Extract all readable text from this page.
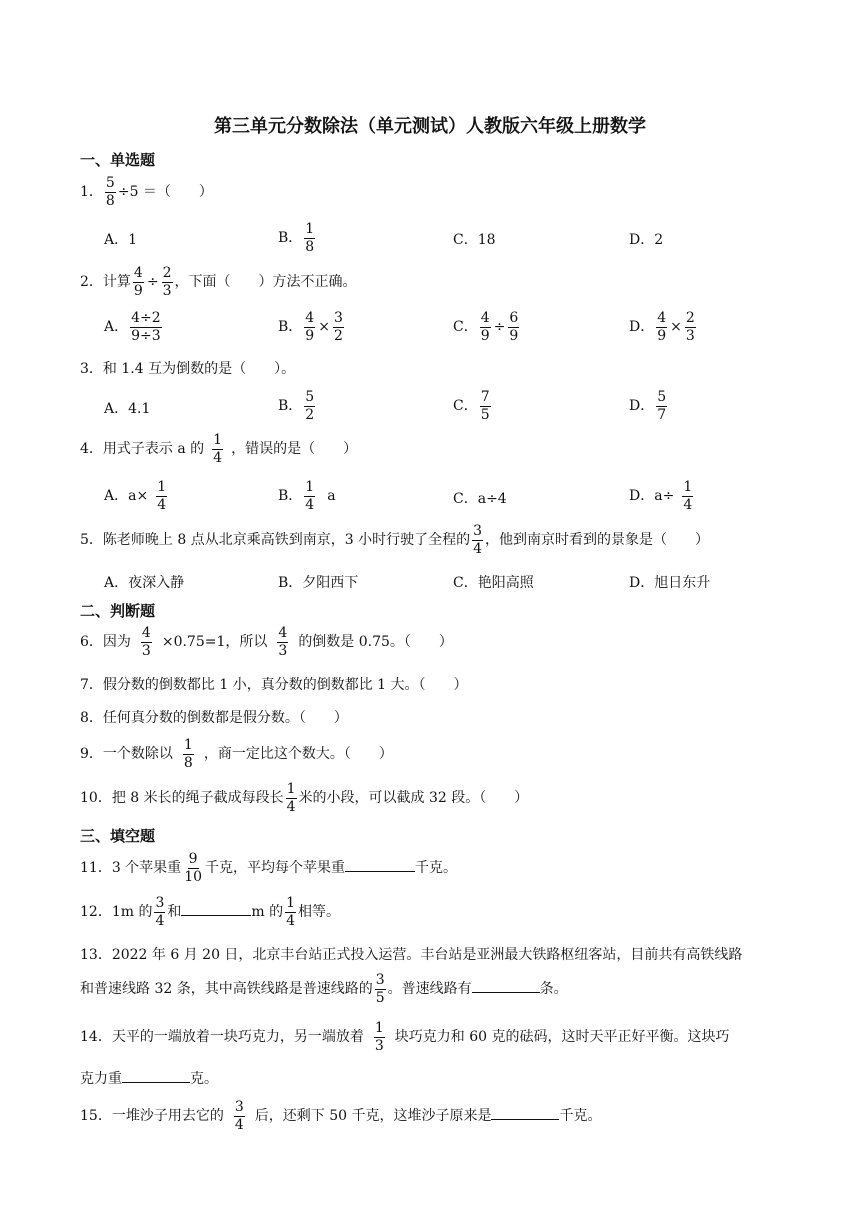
第三单元分数除法（单元测试）人教版六年级上册数学
一、单选题
1． $\frac{5}{8} \div 5$ ＝（　　）
A．1	B． $\frac{1}{8}$	C．18	D．2
2．计算 $\frac{4}{9} \div \frac{2}{3}$ ，下面（　　）方法不正确。
A． $\frac{4\div 2}{9\div 3}$	B． $\frac{4}{9} \times \frac{3}{2}$	C． $\frac{4}{9} \div \frac{6}{9}$	D． $\frac{4}{9} \times \frac{2}{3}$
3．和 1.4 互为倒数的是（　　）。
A．4.1	B． $\frac{5}{2}$	C． $\frac{7}{5}$	D． $\frac{5}{7}$
4．用式子表示 a 的 $\frac{1}{4}$ ，错误的是（　　）
A．$a\times \frac{1}{4}$	B． $\frac{1}{4}$ a	C．a÷4	D．$a\div \frac{1}{4}$
5．陈老师晚上 8 点从北京乘高铁到南京，3 小时行驶了全程的 $\frac{3}{4}$ ，他到南京时看到的景象是（　　）
A．夜深入静	B．夕阳西下	C．艳阳高照	D．旭日东升
二、判断题
6．因为 $\frac{4}{3} \times 0.75=1$，所以 $\frac{4}{3}$ 的倒数是 0.75。（　　）
7．假分数的倒数都比 1 小，真分数的倒数都比 1 大。（　　）
8．任何真分数的倒数都是假分数。（　　）
9．一个数除以 $\frac{1}{8}$ ，商一定比这个数大。（　　）
10．把 8 米长的绳子截成每段长 $\frac{1}{4}$ 米的小段，可以截成 32 段。（　　）
三、填空题
11．3 个苹果重 $\frac{9}{10}$ 千克，平均每个苹果重	千克。
12．1m 的 $\frac{3}{4}$ 和	m 的 $\frac{1}{4}$ 相等。
13．2022 年 6 月 20 日，北京丰台站正式投入运营。丰台站是亚洲最大铁路枢纽客站，目前共有高铁线路
和普速线路 32 条，其中高铁线路是普速线路的 $\frac{3}{5}$ 。普速线路有	条。
14．天平的一端放着一块巧克力，另一端放着 $\frac{1}{3}$ 块巧克力和 60 克的砝码，这时天平正好平衡。这块巧
克力重	克。
15．一堆沙子用去它的 $\frac{3}{4}$ 后，还剩下 50 千克，这堆沙子原来是	千克。
